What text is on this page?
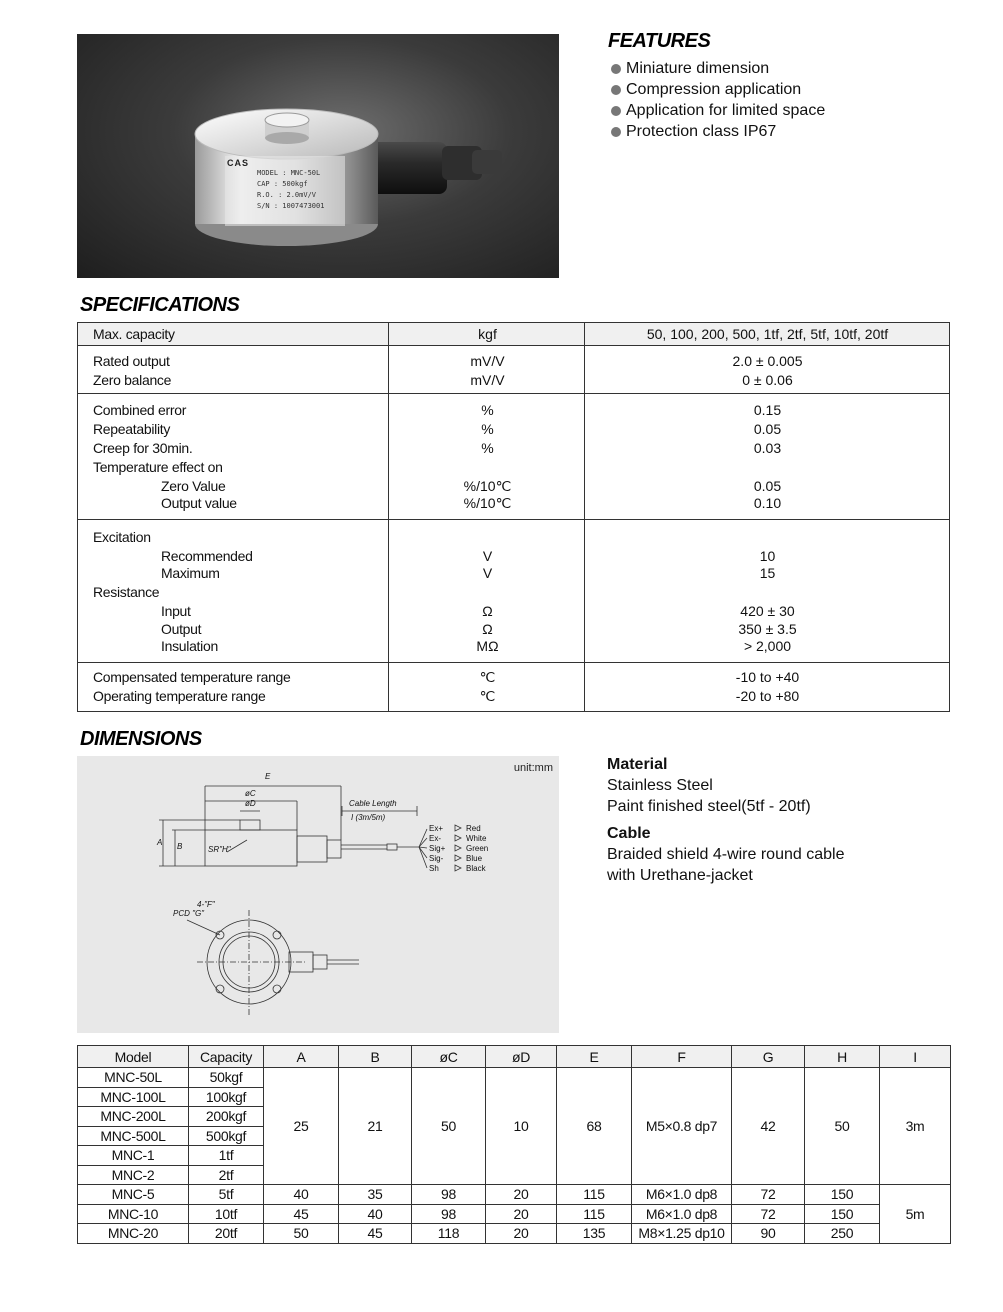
CAS
MODEL : MNC-50L
CAP : 500kgf
R.O. : 2.0mV/V
S/N : 1007473001
FEATURES
Miniature dimension
Compression application
Application for limited space
Protection class IP67
SPECIFICATIONS
Max. capacity	kgf	50, 100, 200, 500, 1tf, 2tf, 5tf, 10tf, 20tf
Rated output	mV/V	2.0 ± 0.005
Zero balance	mV/V	0 ± 0.06
Combined error	%	0.15
Repeatability	%	0.05
Creep for 30min.	%	0.03
Temperature effect on
Zero Value	%/10℃	0.05
Output value	%/10℃	0.10
Excitation
Recommended	V	10
Maximum	V	15
Resistance
Input	Ω	420 ± 30
Output	Ω	350 ± 3.5
Insulation	MΩ	> 2,000
Compensated temperature range	℃	-10 to +40
Operating temperature range	℃	-20 to +80
DIMENSIONS
unit:mm
E
øC
øD
A B	SR"H"
Cable Length
I (3m/5m)
4-"F"
PCD "G"
Ex+
Ex-
Sig+
Sig-
Sh
Red
White
Green
Blue
Black
Material
Stainless Steel
Paint finished steel(5tf - 20tf)
Cable
Braided shield 4-wire round cable
with Urethane-jacket
Model	Capacity	A	B	øC	øD	E	F	G	H	I
MNC-50L	50kgf	25	21	50	10	68	M5×0.8 dp7	42	50	3m
MNC-100L	100kgf									
MNC-200L	200kgf									
MNC-500L	500kgf									
MNC-1	1tf									
MNC-2	2tf									
MNC-5	5tf	40	35	98	20	115	M6×1.0 dp8	72	150	5m
MNC-10	10tf	45	40	98	20	115	M6×1.0 dp8	72	150	
MNC-20	20tf	50	45	118	20	135	M8×1.25 dp10	90	250	
